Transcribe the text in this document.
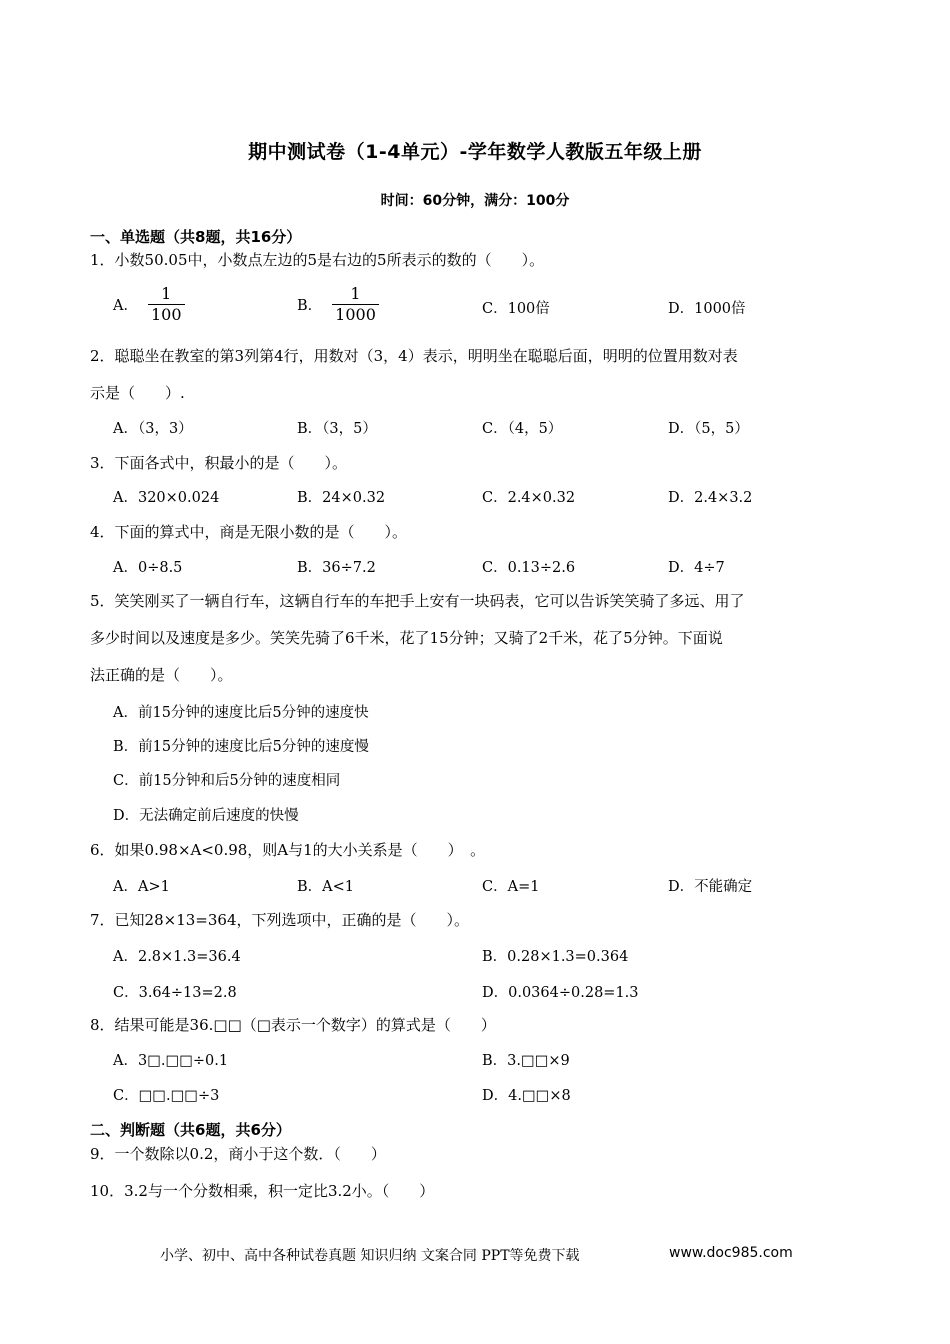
期中测试卷（1-4单元）-学年数学人教版五年级上册
时间：60分钟，满分：100分
一、单选题（共8题，共16分）
1．小数50.05中，小数点左边的5是右边的5所表示的数的（　　）。
A． $\frac{1}{100}$	B． $\frac{1}{1000}$	C．100倍	D．1000倍
2．聪聪坐在教室的第3列第4行，用数对（3，4）表示，明明坐在聪聪后面，明明的位置用数对表
示是（　　）.
A．（3，3）	B．（3，5）	C．（4，5）	D．（5，5）
3．下面各式中，积最小的是（　　）。
A．320×0.024	B．24×0.32	C．2.4×0.32	D．2.4×3.2
4．下面的算式中，商是无限小数的是（　　）。
A．0÷8.5	B．36÷7.2	C．0.13÷2.6	D．4÷7
5．笑笑刚买了一辆自行车，这辆自行车的车把手上安有一块码表，它可以告诉笑笑骑了多远、用了
多少时间以及速度是多少。笑笑先骑了6千米，花了15分钟；又骑了2千米，花了5分钟。下面说
法正确的是（　　）。
A．前15分钟的速度比后5分钟的速度快
B．前15分钟的速度比后5分钟的速度慢
C．前15分钟和后5分钟的速度相同
D．无法确定前后速度的快慢
6．如果0.98×A<0.98，则A与1的大小关系是（　　）　。
A．A>1	B．A<1	C．A=1	D．不能确定
7．已知28×13=364，下列选项中，正确的是（　　）。
A．2.8×1.3=36.4	B．0.28×1.3=0.364
C．3.64÷13=2.8	D．0.0364÷0.28=1.3
8．结果可能是36.□□（□表示一个数字）的算式是（　　）
A．3□.□□÷0.1	B．3.□□×9
C．□□.□□÷3	D．4.□□×8
二、判断题（共6题，共6分）
9．一个数除以0.2，商小于这个数．（　　）
10．3.2与一个分数相乘，积一定比3.2小。（　　）
小学、初中、高中各种试卷真题 知识归纳 文案合同 PPT等免费下载	www.doc985.com
